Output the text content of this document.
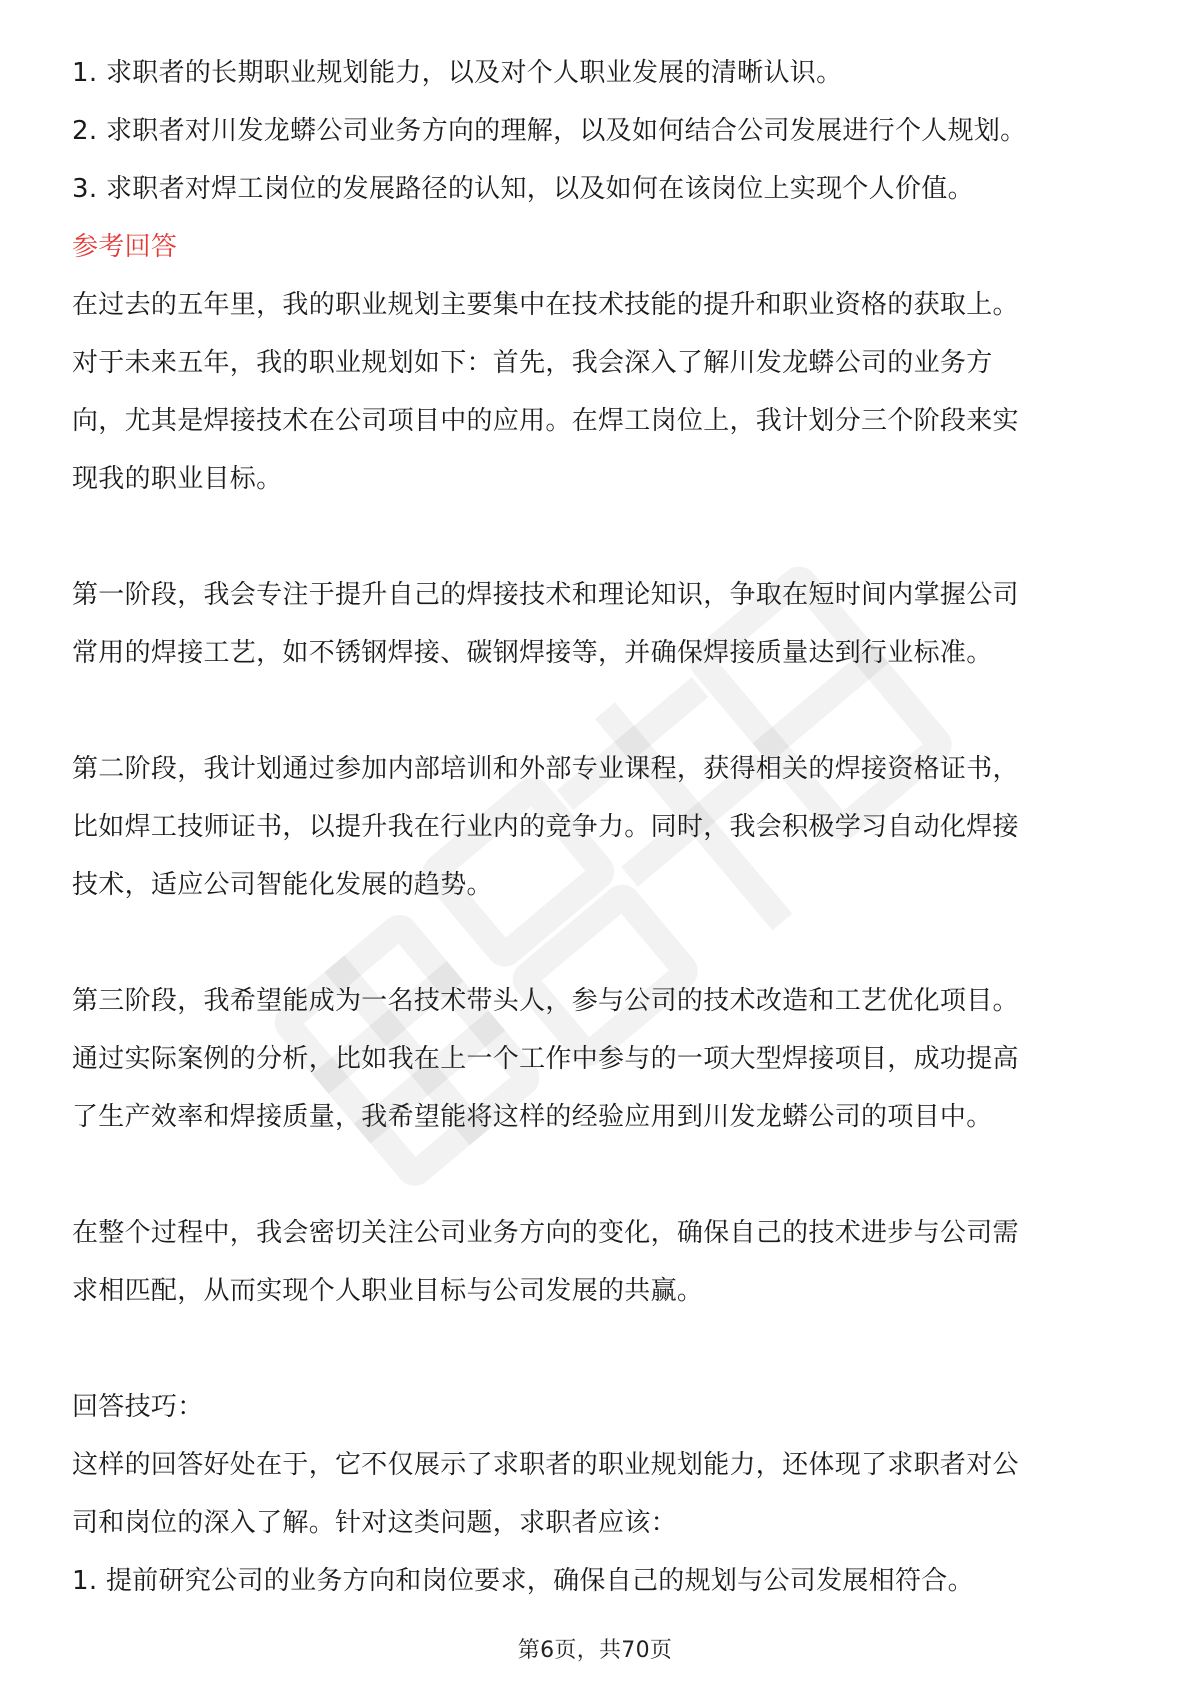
1. 求职者的长期职业规划能力，以及对个人职业发展的清晰认识。
2. 求职者对川发龙蟒公司业务方向的理解，以及如何结合公司发展进行个人规划。
3. 求职者对焊工岗位的发展路径的认知，以及如何在该岗位上实现个人价值。
参考回答
在过去的五年里，我的职业规划主要集中在技术技能的提升和职业资格的获取上。
对于未来五年，我的职业规划如下：首先，我会深入了解川发龙蟒公司的业务方
向，尤其是焊接技术在公司项目中的应用。在焊工岗位上，我计划分三个阶段来实
现我的职业目标。
第一阶段，我会专注于提升自己的焊接技术和理论知识，争取在短时间内掌握公司
常用的焊接工艺，如不锈钢焊接、碳钢焊接等，并确保焊接质量达到行业标准。
第二阶段，我计划通过参加内部培训和外部专业课程，获得相关的焊接资格证书，
比如焊工技师证书，以提升我在行业内的竞争力。同时，我会积极学习自动化焊接
技术，适应公司智能化发展的趋势。
第三阶段，我希望能成为一名技术带头人，参与公司的技术改造和工艺优化项目。
通过实际案例的分析，比如我在上一个工作中参与的一项大型焊接项目，成功提高
了生产效率和焊接质量，我希望能将这样的经验应用到川发龙蟒公司的项目中。
在整个过程中，我会密切关注公司业务方向的变化，确保自己的技术进步与公司需
求相匹配，从而实现个人职业目标与公司发展的共赢。
回答技巧：
这样的回答好处在于，它不仅展示了求职者的职业规划能力，还体现了求职者对公
司和岗位的深入了解。针对这类问题，求职者应该：
1. 提前研究公司的业务方向和岗位要求，确保自己的规划与公司发展相符合。
第6页，共70页
